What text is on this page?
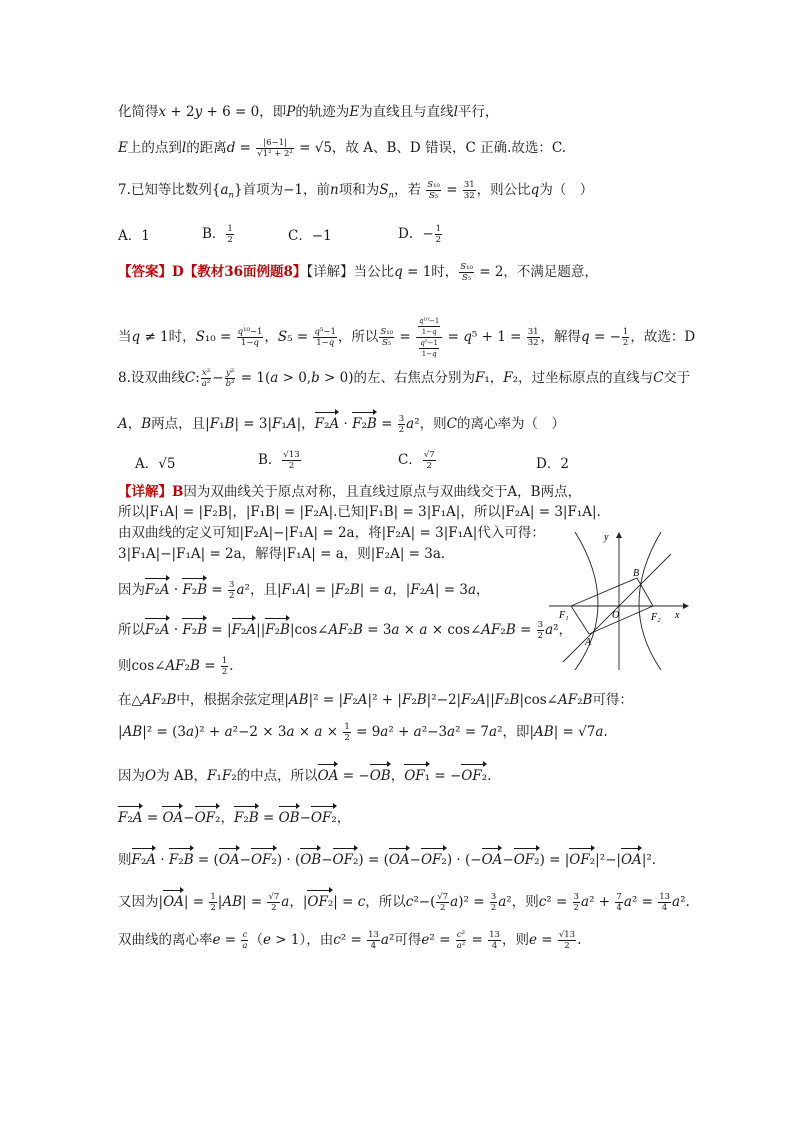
化简得x + 2y + 6 = 0，即P的轨迹为E为直线且与直线l平行，
E上的点到l的距离$d = \frac{|6-1|}{\text{√1² + 2²}} = √5$，故 A、B、D 错误，C 正确.故选：C.
7.已知等比数列$\{a_n\}$首项为−1，前n项和为$S_n$，若 $\frac{\text{S₁₀}}{\text{S₅}} = \frac{31}{32}$ ，则公比q为（　）
A．1	B． $\frac{1}{2}$	C．−1	D．− $\frac{1}{2}$
【答案】D【教材36面例题8】【详解】当公比q = 1时， $\frac{\text{S₁₀}}{\text{S₅}} = 2$，不满足题意，
当q ≠ 1时，$S_{10} = \frac{\text{q¹⁰−1}}{1-q}$ ，$S_5 = \frac{\text{q⁵−1}}{1-q}$ ，所以 $\frac{\text{S₁₀}}{\text{S₅}} = \frac{\frac{\text{q¹⁰−1}}{1-q}}{\frac{\text{q⁵−1}}{1-q}} = q^5 + 1 = \frac{31}{32}$ ，解得q = − $\frac{1}{2}$ ，故选：D
8.设双曲线C: $\frac{\text{x²}}{\text{a²}} - \frac{\text{y²}}{\text{b²}} = 1(a > 0,b > 0)$的左、右焦点分别为F₁，F₂，过坐标原点的直线与C交于
A，B两点，且|F₁B| = 3|F₁A|，$F_2A \cdot F_2B = \frac{3}{2} a^2$，则C的离心率为（　）
A．√5	B． $\frac{√13}{2}$	C． $\frac{√7}{2}$	D．2
【详解】B因为双曲线关于原点对称，且直线过原点与双曲线交于A，B两点，
所以|F₁A| = |F₂B|，|F₁B| = |F₂A|.已知|F₁B| = 3|F₁A|，所以|F₂A| = 3|F₁A|.
由双曲线的定义可知|F₂A|−|F₁A| = 2a，将|F₂A| = 3|F₁A|代入可得：
3|F₁A|−|F₁A| = 2a，解得|F₁A| = a，则|F₂A| = 3a.
因为$F_2A \cdot F_2B = \frac{3}{2} a^2$，且|F₁A| = |F₂B| = a，|F₂A| = 3a，
所以F₂A · F₂B = |F₂A||F₂B|cos∠AF₂B = 3a × a × cos∠AF₂B = $\frac{3}{2} a^2$，
则cos∠AF₂B = $\frac{1}{2}$ .
在△AF₂B中，根据余弦定理|AB|² = |F₂A|² + |F₂B|²−2|F₂A||F₂B|cos∠AF₂B可得：
$|AB|^2 = (3a)^2 + a^2-2 \times 3a \times a \times \frac{1}{2} = 9a^2 + a^2-3a^2 = 7a^2$，即|AB| = √7a.
因为O为 AB，F₁F₂的中点，所以OA = −OB，OF₁ = −OF₂.
F₂A = OA−OF₂，F₂B = OB−OF₂，
则F₂A · F₂B = (OA−OF₂) · (OB−OF₂) = (OA−OF₂) · (−OA−OF₂) = |OF₂|²−|OA|².
又因为$|OA| = \frac{1}{2} |AB| = \frac{√7}{2}$ a，|OF₂| = c，所以$c^2-( \frac{√7}{2} a)^2 = \frac{3}{2} a^2$，则$c^2 = \frac{3}{2} a^2 + \frac{7}{4} a^2 = \frac{13}{4} a^2$.
双曲线的离心率$e = \frac{c}{a} (e > 1)$，由$c^2 = \frac{13}{4} a^2$可得$e^2 = \frac{\text{c²}}{\text{a²}} = \frac{13}{4}$ ，则$e = \frac{√13}{2}$ .
y
x
B
O
A
F₁	F₂
